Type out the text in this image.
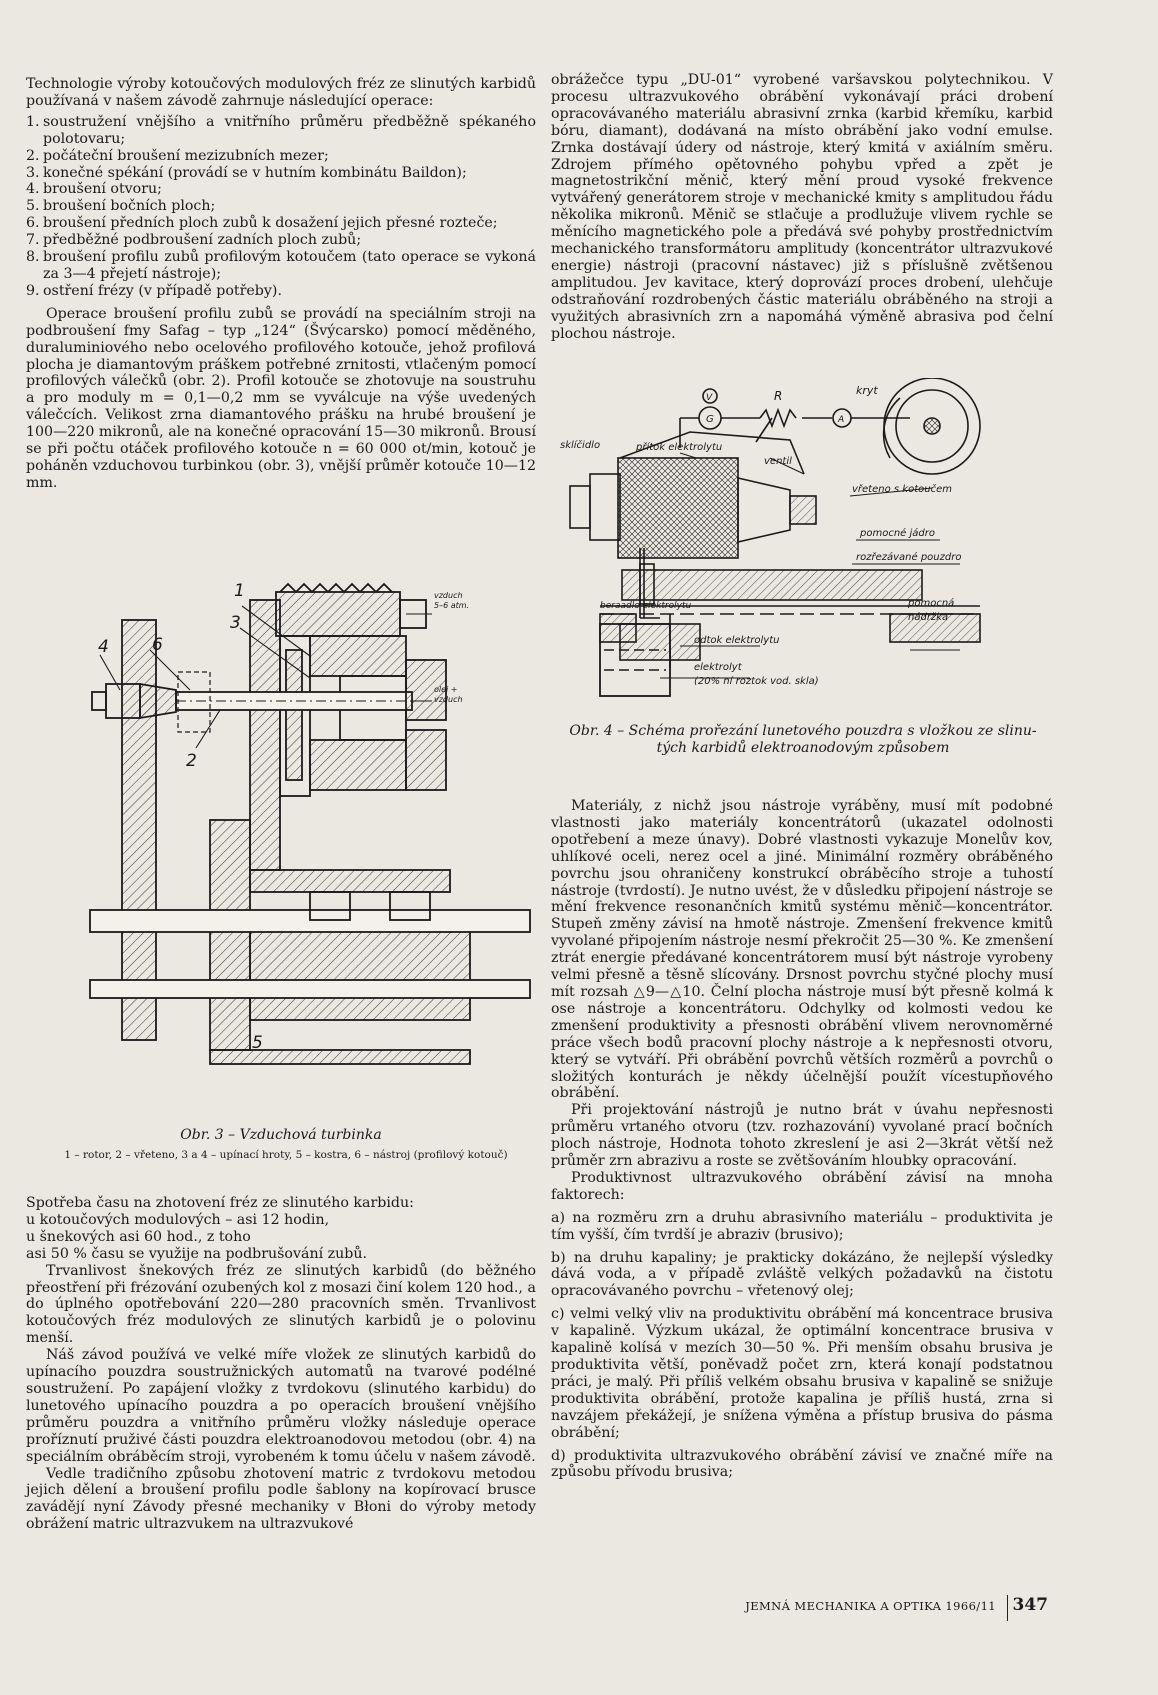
Technologie výroby kotoučových modulových fréz ze slinutých karbidů používaná v našem závodě zahrnuje následující operace:

1. soustružení vnějšího a vnitřního průměru předběžně spékaného polotovaru;
2. počáteční broušení mezizubních mezer;
3. konečné spékání (provádí se v hutním kombinátu Baildon);
4. broušení otvoru;
5. broušení bočních ploch;
6. broušení předních ploch zubů k dosažení jejich přesné rozteče;
7. předběžné podbroušení zadních ploch zubů;
8. broušení profilu zubů profilovým kotoučem (tato operace se vykoná za 3—4 přejetí nástroje);
9. ostření frézy (v případě potřeby).

Operace broušení profilu zubů se provádí na speciálním stroji na podbroušení fmy Safag – typ „124“ (Švýcarsko) pomocí měděného, duraluminiového nebo ocelového profilového kotouče, jehož profilová plocha je diamantovým práškem potřebné zrnitosti, vtlačeným pomocí profilových válečků (obr. 2). Profil kotouče se zhotovuje na soustruhu a pro moduly m = 0,1—0,2 mm se vyválcuje na výše uvedených válečcích. Velikost zrna diamantového prášku na hrubé broušení je 100—220 mikronů, ale na konečné opracování 15—30 mikronů. Brousí se při počtu otáček profilového kotouče n = 60 000 ot/min, kotouč je poháněn vzduchovou turbinkou (obr. 3), vnější průměr kotouče 10—12 mm.

1
3
6
4
2
5
vzduch
5–6 atm.
olej +
vzduch
Obr. 3 – Vzduchová turbinka
1 – rotor, 2 – vřeteno, 3 a 4 – upínací hroty, 5 – kostra, 6 – nástroj (profilový kotouč)

Spotřeba času na zhotovení fréz ze slinutého karbidu:

u kotoučových modulových – asi 12 hodin,

u šnekových asi 60 hod., z toho

asi 50 % času se využije na podbrušování zubů.

Trvanlivost šnekových fréz ze slinutých karbidů (do běžného přeostření při frézování ozubených kol z mosazi činí kolem 120 hod., a do úplného opotřebování 220—280 pracovních směn. Trvanlivost kotoučových fréz modulových ze slinutých karbidů je o polovinu menší.

Náš závod používá ve velké míře vložek ze slinutých karbidů do upínacího pouzdra soustružnických automatů na tvarové podélné soustružení. Po zapájení vložky z tvrdokovu (slinutého karbidu) do lunetového upínacího pouzdra a po operacích broušení vnějšího průměru pouzdra a vnitřního průměru vložky následuje operace proříznutí pruživé části pouzdra elektroanodovou metodou (obr. 4) na speciálním obráběcím stroji, vyrobeném k tomu účelu v našem závodě.

Vedle tradičního způsobu zhotovení matric z tvrdokovu metodou jejich dělení a broušení profilu podle šablony na kopírovací brusce zavádějí nyní Závody přesné mechaniky v Błoni do výroby metody obrážení matric ultrazvukem na ultrazvukové

obrážečce typu „DU-01“ vyrobené varšavskou polytechnikou. V procesu ultrazvukového obrábění vykonávají práci drobení opracovávaného materiálu abrasivní zrnka (karbid křemíku, karbid bóru, diamant), dodávaná na místo obrábění jako vodní emulse. Zrnka dostávají údery od nástroje, který kmitá v axiálním směru. Zdrojem přímého opětovného pohybu vpřed a zpět je magnetostrikční měnič, který mění proud vysoké frekvence vytvářený generátorem stroje v mechanické kmity s amplitudou řádu několika mikronů. Měnič se stlačuje a prodlužuje vlivem rychle se měnícího magnetického pole a předává své pohyby prostřednictvím mechanického transformátoru amplitudy (koncentrátor ultrazvukové energie) nástroji (pracovní nástavec) již s příslušně zvětšenou amplitudou. Jev kavitace, který doprovází proces drobení, ulehčuje odstraňování rozdrobených částic materiálu obráběného na stroji a využitých abrasivních zrn a napomáhá výměně abrasiva pod čelní plochou nástroje.

V
G
R
A
kryt
sklíčidlo	přítok elektrolytu
ventil
vřeteno s kotoučem
pomocné jádro
rozřezávané pouzdro
beraadlo elektrolytu
odtok elektrolytu
pomocná
nádržka
elektrolyt
(20% ní roztok vod. skla)
Obr. 4 – Schéma prořezání lunetového pouzdra s vložkou ze slinu-
tých karbidů elektroanodovým způsobem

Materiály, z nichž jsou nástroje vyráběny, musí mít podobné vlastnosti jako materiály koncentrátorů (ukazatel odolnosti opotřebení a meze únavy). Dobré vlastnosti vykazuje Monelův kov, uhlíkové oceli, nerez ocel a jiné. Minimální rozměry obráběného povrchu jsou ohraničeny konstrukcí obráběcího stroje a tuhostí nástroje (tvrdostí). Je nutno uvést, že v důsledku připojení nástroje se mění frekvence resonančních kmitů systému měnič—koncentrátor. Stupeň změny závisí na hmotě nástroje. Zmenšení frekvence kmitů vyvolané připojením nástroje nesmí překročit 25—30 %. Ke zmenšení ztrát energie předávané koncentrátorem musí být nástroje vyrobeny velmi přesně a těsně slícovány. Drsnost povrchu styčné plochy musí mít rozsah △9—△10. Čelní plocha nástroje musí být přesně kolmá k ose nástroje a koncentrátoru. Odchylky od kolmosti vedou ke zmenšení produktivity a přesnosti obrábění vlivem nerovnoměrné práce všech bodů pracovní plochy nástroje a k nepřesnosti otvoru, který se vytváří. Při obrábění povrchů větších rozměrů a povrchů o složitých konturách je někdy účelnější použít vícestupňového obrábění.

Při projektování nástrojů je nutno brát v úvahu nepřesnosti průměru vrtaného otvoru (tzv. rozhazování) vyvolané prací bočních ploch nástroje, Hodnota tohoto zkreslení je asi 2—3krát větší než průměr zrn abrazivu a roste se zvětšováním hloubky opracování.

Produktivnost ultrazvukového obrábění závisí na mnoha faktorech:

a) na rozměru zrn a druhu abrasivního materiálu – produktivita je tím vyšší, čím tvrdší je abraziv (brusivo);

b) na druhu kapaliny; je prakticky dokázáno, že nejlepší výsledky dává voda, a v případě zvláště velkých požadavků na čistotu opracovávaného povrchu – vřetenový olej;

c) velmi velký vliv na produktivitu obrábění má koncentrace brusiva v kapalině. Výzkum ukázal, že optimální koncentrace brusiva v kapalině kolísá v mezích 30—50 %. Při menším obsahu brusiva je produktivita větší, poněvadž počet zrn, která konají podstatnou práci, je malý. Při příliš velkém obsahu brusiva v kapalině se snižuje produktivita obrábění, protože kapalina je příliš hustá, zrna si navzájem překážejí, je snížena výměna a přístup brusiva do pásma obrábění;

d) produktivita ultrazvukového obrábění závisí ve značné míře na způsobu přívodu brusiva;

JEMNÁ MECHANIKA A OPTIKA 1966/11 347
